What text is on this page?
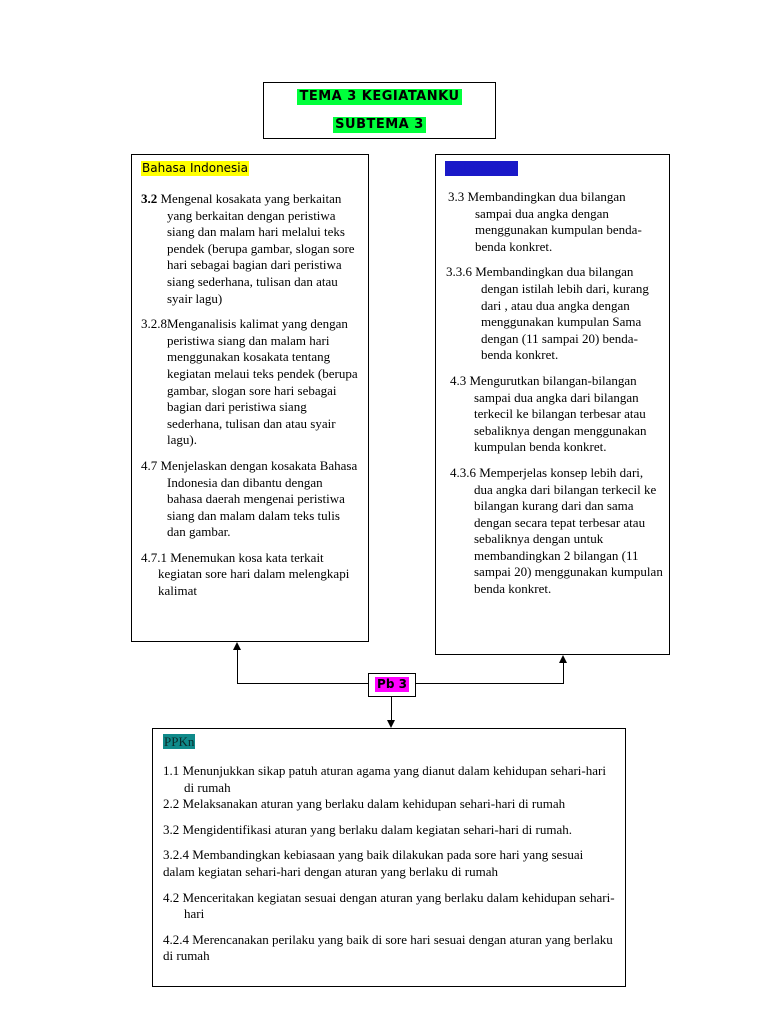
TEMA 3 KEGIATANKU
SUBTEMA 3
Bahasa Indonesia

3.2 Mengenal kosakata yang berkaitan yang berkaitan dengan peristiwa siang dan malam hari melalui teks pendek (berupa gambar, slogan sore hari sebagai bagian dari peristiwa siang sederhana, tulisan dan atau syair lagu)

3.2.8Menganalisis kalimat yang dengan peristiwa siang dan malam hari menggunakan kosakata tentang kegiatan melaui teks pendek (berupa gambar, slogan sore hari sebagai bagian dari peristiwa siang sederhana, tulisan dan atau syair lagu).

4.7 Menjelaskan dengan kosakata Bahasa Indonesia dan dibantu dengan bahasa daerah mengenai peristiwa siang dan malam dalam teks tulis dan gambar.

4.7.1 Menemukan kosa kata terkait kegiatan sore hari dalam melengkapi kalimat

Matematika

3.3 Membandingkan dua bilangan sampai dua angka dengan menggunakan kumpulan benda-benda konkret.

3.3.6 Membandingkan dua bilangan dengan istilah lebih dari, kurang dari , atau dua angka dengan menggunakan kumpulan Sama dengan (11 sampai 20) benda-benda konkret.

4.3 Mengurutkan bilangan-bilangan sampai dua angka dari bilangan terkecil ke bilangan terbesar atau sebaliknya dengan menggunakan kumpulan benda konkret.

4.3.6 Memperjelas konsep lebih dari, dua angka dari bilangan terkecil ke bilangan kurang dari dan sama dengan secara tepat terbesar atau sebaliknya dengan untuk membandingkan 2 bilangan (11 sampai 20) menggunakan kumpulan benda konkret.

Pb 3
PPKn

1.1 Menunjukkan sikap patuh aturan agama yang dianut dalam kehidupan sehari-hari di rumah

2.2 Melaksanakan aturan yang berlaku dalam kehidupan sehari-hari di rumah

3.2 Mengidentifikasi aturan yang berlaku dalam kegiatan sehari-hari di rumah.

3.2.4 Membandingkan kebiasaan yang baik dilakukan pada sore hari yang sesuai dalam kegiatan sehari-hari dengan aturan yang berlaku di rumah

4.2 Menceritakan kegiatan sesuai dengan aturan yang berlaku dalam kehidupan sehari-hari

4.2.4 Merencanakan perilaku yang baik di sore hari sesuai dengan aturan yang berlaku di rumah
